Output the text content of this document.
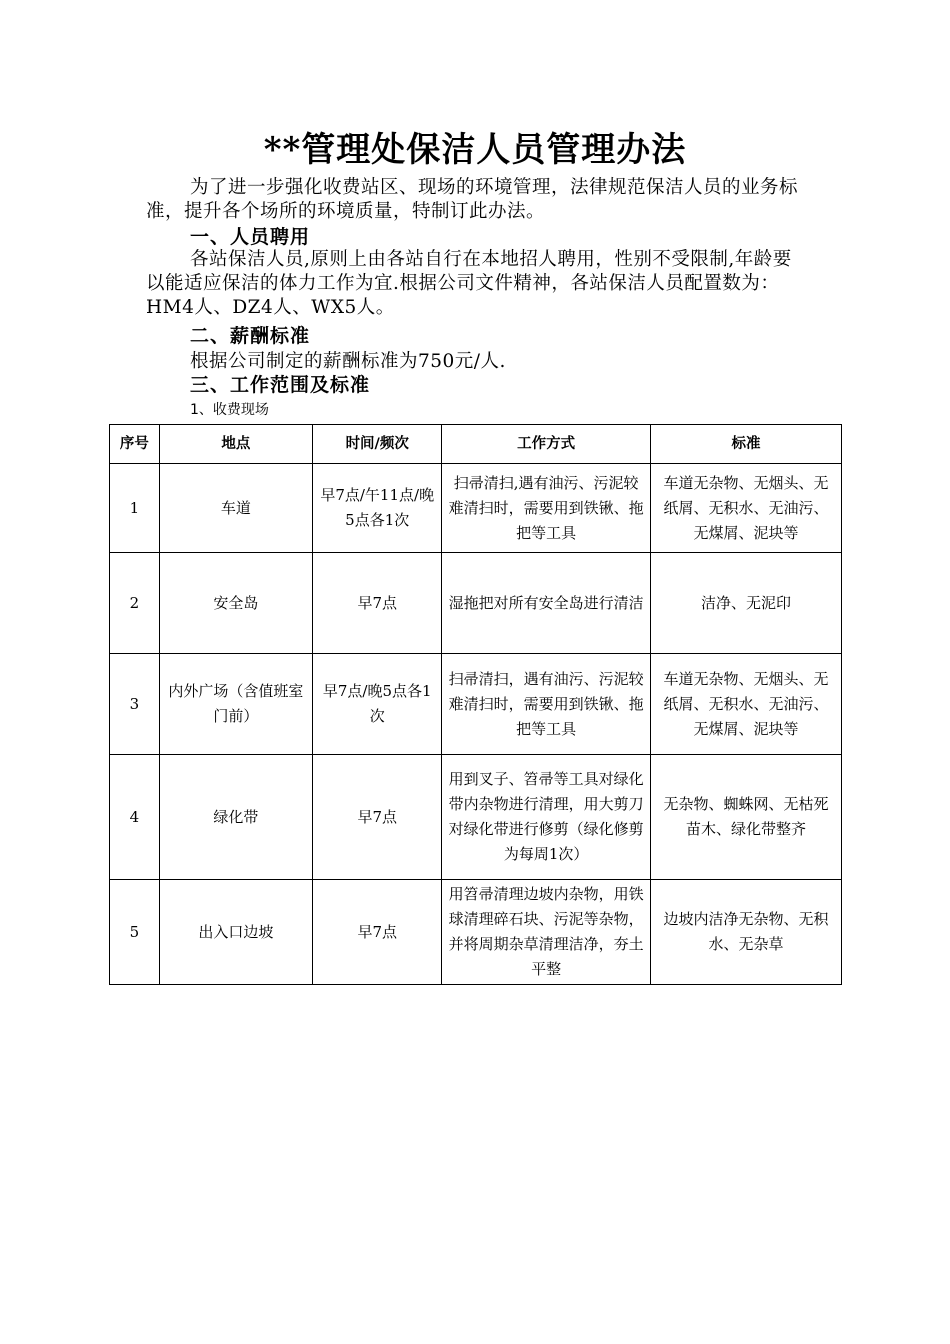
**管理处保洁人员管理办法

为了进一步强化收费站区、现场的环境管理，法律规范保洁人员的业务标准，提升各个场所的环境质量，特制订此办法。

一、人员聘用

各站保洁人员,原则上由各站自行在本地招人聘用，性别不受限制,年龄要以能适应保洁的体力工作为宜.根据公司文件精神，各站保洁人员配置数为：HM4人、DZ4人、WX5人。

二、薪酬标准

根据公司制定的薪酬标准为750元/人.

三、工作范围及标准

1、收费现场
序号	地点	时间/频次	工作方式	标准
1	车道	早7点/午11点/晚5点各1次	扫帚清扫,遇有油污、污泥较难清扫时，需要用到铁锹、拖把等工具	车道无杂物、无烟头、无纸屑、无积水、无油污、无煤屑、泥块等
2	安全岛	早7点	湿拖把对所有安全岛进行清洁	洁净、无泥印
3	内外广场（含值班室门前）	早7点/晚5点各1次	扫帚清扫，遇有油污、污泥较难清扫时，需要用到铁锹、拖把等工具	车道无杂物、无烟头、无纸屑、无积水、无油污、无煤屑、泥块等
4	绿化带	早7点	用到叉子、笤帚等工具对绿化带内杂物进行清理，用大剪刀对绿化带进行修剪（绿化修剪为每周1次）	无杂物、蜘蛛网、无枯死苗木、绿化带整齐
5	出入口边坡	早7点	用笤帚清理边坡内杂物，用铁球清理碎石块、污泥等杂物，并将周期杂草清理洁净，夯土平整	边坡内洁净无杂物、无积水、无杂草
